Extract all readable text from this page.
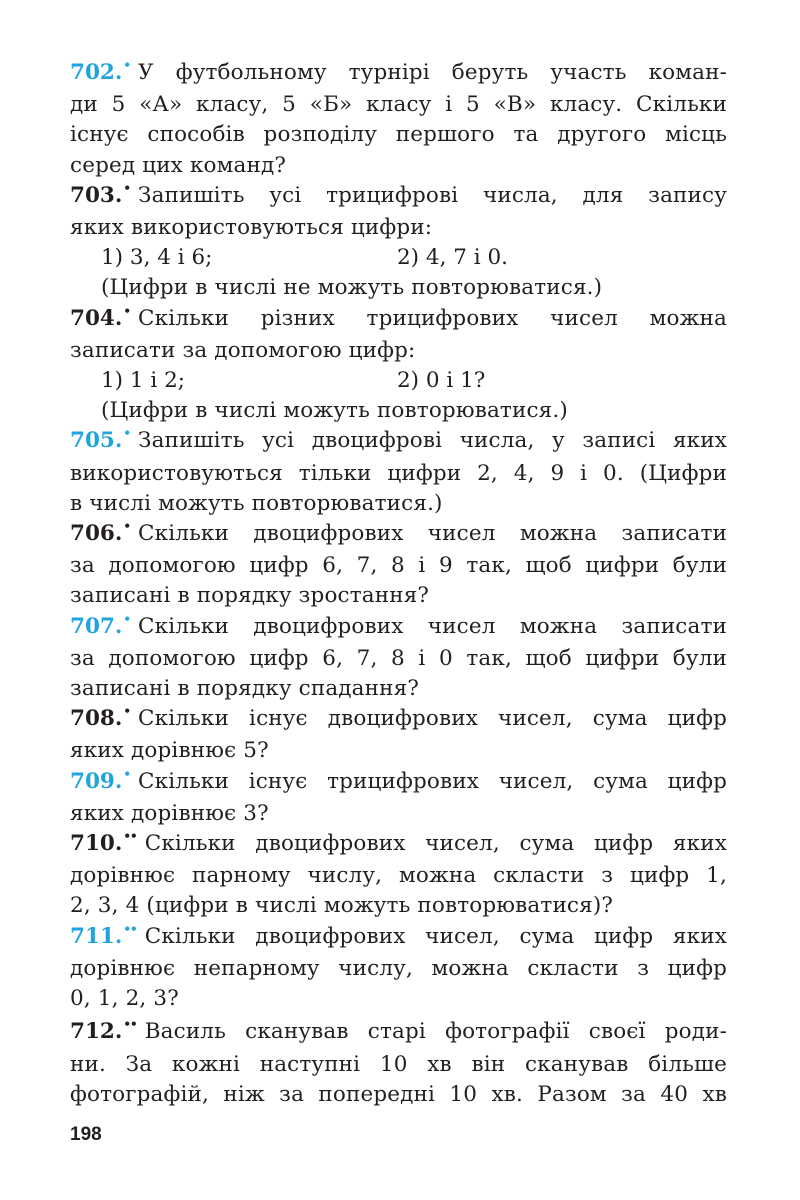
702.• У футбольному турнірі беруть участь коман-
ди 5 «А» класу, 5 «Б» класу і 5 «В» класу. Скільки
існує способів розподілу першого та другого місць
серед цих команд?
703.• Запишіть усі трицифрові числа, для запису
яких використовуються цифри:
1) 3, 4 і 6;	2) 4, 7 і 0.
(Цифри в числі не можуть повторюватися.)
704.• Скільки різних трицифрових чисел можна
записати за допомогою цифр:
1) 1 і 2;	2) 0 і 1?
(Цифри в числі можуть повторюватися.)
705.• Запишіть усі двоцифрові числа, у записі яких
використовуються тільки цифри 2, 4, 9 і 0. (Цифри
в числі можуть повторюватися.)
706.• Скільки двоцифрових чисел можна записати
за допомогою цифр 6, 7, 8 і 9 так, щоб цифри були
записані в порядку зростання?
707.• Скільки двоцифрових чисел можна записати
за допомогою цифр 6, 7, 8 і 0 так, щоб цифри були
записані в порядку спадання?
708.• Скільки існує двоцифрових чисел, сума цифр
яких дорівнює 5?
709.• Скільки існує трицифрових чисел, сума цифр
яких дорівнює 3?
710.•• Скільки двоцифрових чисел, сума цифр яких
дорівнює парному числу, можна скласти з цифр 1,
2, 3, 4 (цифри в числі можуть повторюватися)?
711.•• Скільки двоцифрових чисел, сума цифр яких
дорівнює непарному числу, можна скласти з цифр
0, 1, 2, 3?
712.•• Василь сканував старі фотографії своєї роди-
ни. За кожні наступні 10 хв він сканував більше
фотографій, ніж за попередні 10 хв. Разом за 40 хв
198
